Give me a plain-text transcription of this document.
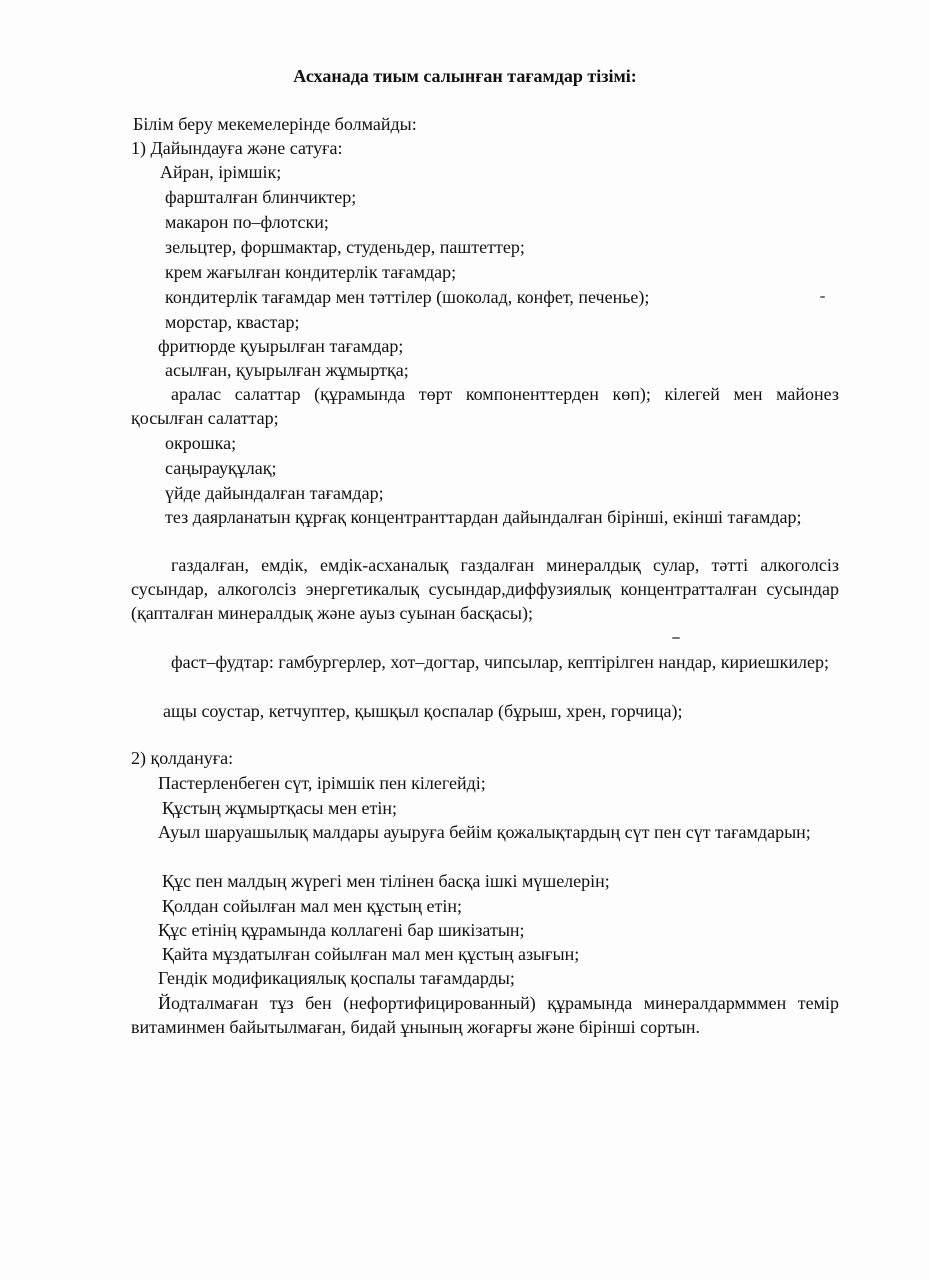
Асханада тиым салынған тағамдар тізімі:
Білім беру мекемелерінде болмайды:
1) Дайындауға және сатуға:
Айран, ірімшік;
фаршталған блинчиктер;
макарон по–флотски;
зельцтер, форшмактар, студеньдер, паштеттер;
крем жағылған кондитерлік тағамдар;
кондитерлік тағамдар мен тәттілер (шоколад, конфет, печенье);
морстар, квастар;
фритюрде қуырылған тағамдар;
асылған, қуырылған жұмыртқа;
аралас салаттар (құрамында төрт компоненттерден көп); кілегей мен майонез қосылған салаттар;
окрошка;
саңырауқұлақ;
үйде дайындалған тағамдар;
тез даярланатын құрғақ концентранттардан дайындалған бірінші, екінші тағамдар;
газдалған, емдік, емдік-асханалық газдалған минералдық сулар, тәтті алкоголсіз сусындар, алкоголсіз энергетикалық сусындар,диффузиялық концентратталған сусындар (қапталған минералдық және ауыз суынан басқасы);
фаст–фудтар: гамбургерлер, хот–догтар, чипсылар, кептірілген нандар, кириешкилер;
ащы соустар, кетчуптер, қышқыл қоспалар (бұрыш, хрен, горчица);
2) қолдануға:
Пастерленбеген сүт, ірімшік пен кілегейді;
Құстың жұмыртқасы мен етін;
Ауыл шаруашылық малдары ауыруға бейім қожалықтардың сүт пен сүт тағамдарын;
Құс пен малдың жүрегі мен тілінен басқа ішкі мүшелерін;
Қолдан сойылған мал мен құстың етін;
Құс етінің құрамында коллагені бар шикізатын;
Қайта мұздатылған сойылған мал мен құстың азығын;
Гендік модификациялық қоспалы тағамдарды;
Йодталмаған тұз бен (нефортифицированный) құрамында минералдармммен темір витаминмен байытылмаған, бидай ұнының жоғарғы және бірінші сортын.
